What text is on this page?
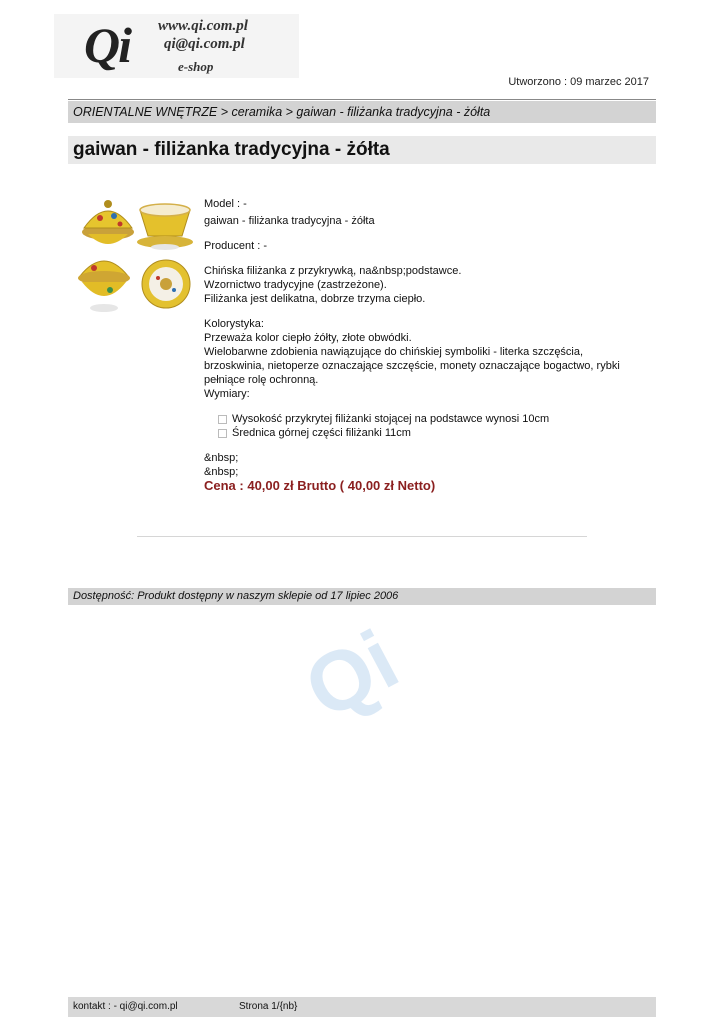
Qi www.qi.com.pl
qi@qi.com.pl
e-shop
Utworzono : 09 marzec 2017
ORIENTALNE WNĘTRZE > ceramika > gaiwan - filiżanka tradycyjna - żółta
gaiwan - filiżanka tradycyjna - żółta

Model : -

gaiwan - filiżanka tradycyjna - żółta

Producent : -

Chińska filiżanka z przykrywką, na&nbsp;podstawce.

Wzornictwo tradycyjne (zastrzeżone).

Filiżanka jest delikatna, dobrze trzyma ciepło.

Kolorystyka:

Przeważa kolor ciepło żółty, złote obwódki.

Wielobarwne zdobienia nawiązujące do chińskiej symboliki - literka szczęścia, brzoskwinia, nietoperze oznaczające szczęście, monety oznaczające bogactwo, rybki pełniące rolę ochronną.

Wymiary:

Wysokość przykrytej filiżanki stojącej na podstawce wynosi 10cm

Średnica górnej części filiżanki 11cm

&nbsp;

&nbsp;

Cena : 40,00 zł Brutto ( 40,00 zł Netto)

Dostępność: Produkt dostępny w naszym sklepie od 17 lipiec 2006
Qi
kontakt : - qi@qi.com.pl	Strona 1/{nb}
